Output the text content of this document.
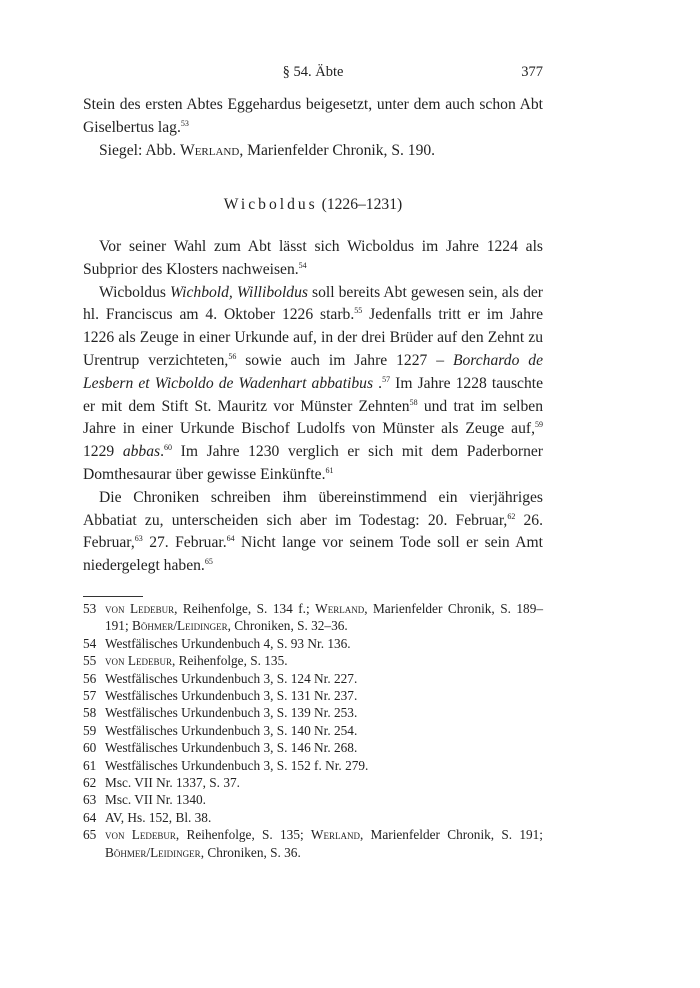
§ 54. Äbte	377

Stein des ersten Abtes Eggehardus beigesetzt, unter dem auch schon Abt Giselbertus lag.$^{53}$

Siegel: Abb. Werland, Marienfelder Chronik, S. 190.

Wicboldus (1226–1231)

Vor seiner Wahl zum Abt lässt sich Wicboldus im Jahre 1224 als Subprior des Klosters nachweisen.$^{54}$

Wicboldus Wichbold, Williboldus soll bereits Abt gewesen sein, als der hl. Franciscus am 4. Oktober 1226 starb.$^{55}$ Jedenfalls tritt er im Jahre 1226 als Zeuge in einer Urkunde auf, in der drei Brüder auf den Zehnt zu Urentrup verzichteten,$^{56}$ sowie auch im Jahre 1227 – Borchardo de Lesbern et Wicboldo de Wadenhart abbatibus .$^{57}$ Im Jahre 1228 tauschte er mit dem Stift St. Mauritz vor Münster Zehnten$^{58}$ und trat im selben Jahre in einer Urkunde Bischof Ludolfs von Münster als Zeuge auf,$^{59}$ 1229 abbas.$^{60}$ Im Jahre 1230 verglich er sich mit dem Paderborner Domthesaurar über gewisse Einkünfte.$^{61}$

Die Chroniken schreiben ihm übereinstimmend ein vierjähriges Abbatiat zu, unterscheiden sich aber im Todestag: 20. Februar,$^{62}$ 26. Februar,$^{63}$ 27. Februar.$^{64}$ Nicht lange vor seinem Tode soll er sein Amt niedergelegt haben.$^{65}$

53 von Ledebur, Reihenfolge, S. 134 f.; Werland, Marienfelder Chronik, S. 189–191; Böhmer/Leidinger, Chroniken, S. 32–36.
54 Westfälisches Urkundenbuch 4, S. 93 Nr. 136.
55 von Ledebur, Reihenfolge, S. 135.
56 Westfälisches Urkundenbuch 3, S. 124 Nr. 227.
57 Westfälisches Urkundenbuch 3, S. 131 Nr. 237.
58 Westfälisches Urkundenbuch 3, S. 139 Nr. 253.
59 Westfälisches Urkundenbuch 3, S. 140 Nr. 254.
60 Westfälisches Urkundenbuch 3, S. 146 Nr. 268.
61 Westfälisches Urkundenbuch 3, S. 152 f. Nr. 279.
62 Msc. VII Nr. 1337, S. 37.
63 Msc. VII Nr. 1340.
64 AV, Hs. 152, Bl. 38.
65 von Ledebur, Reihenfolge, S. 135; Werland, Marienfelder Chronik, S. 191; Böhmer/Leidinger, Chroniken, S. 36.
